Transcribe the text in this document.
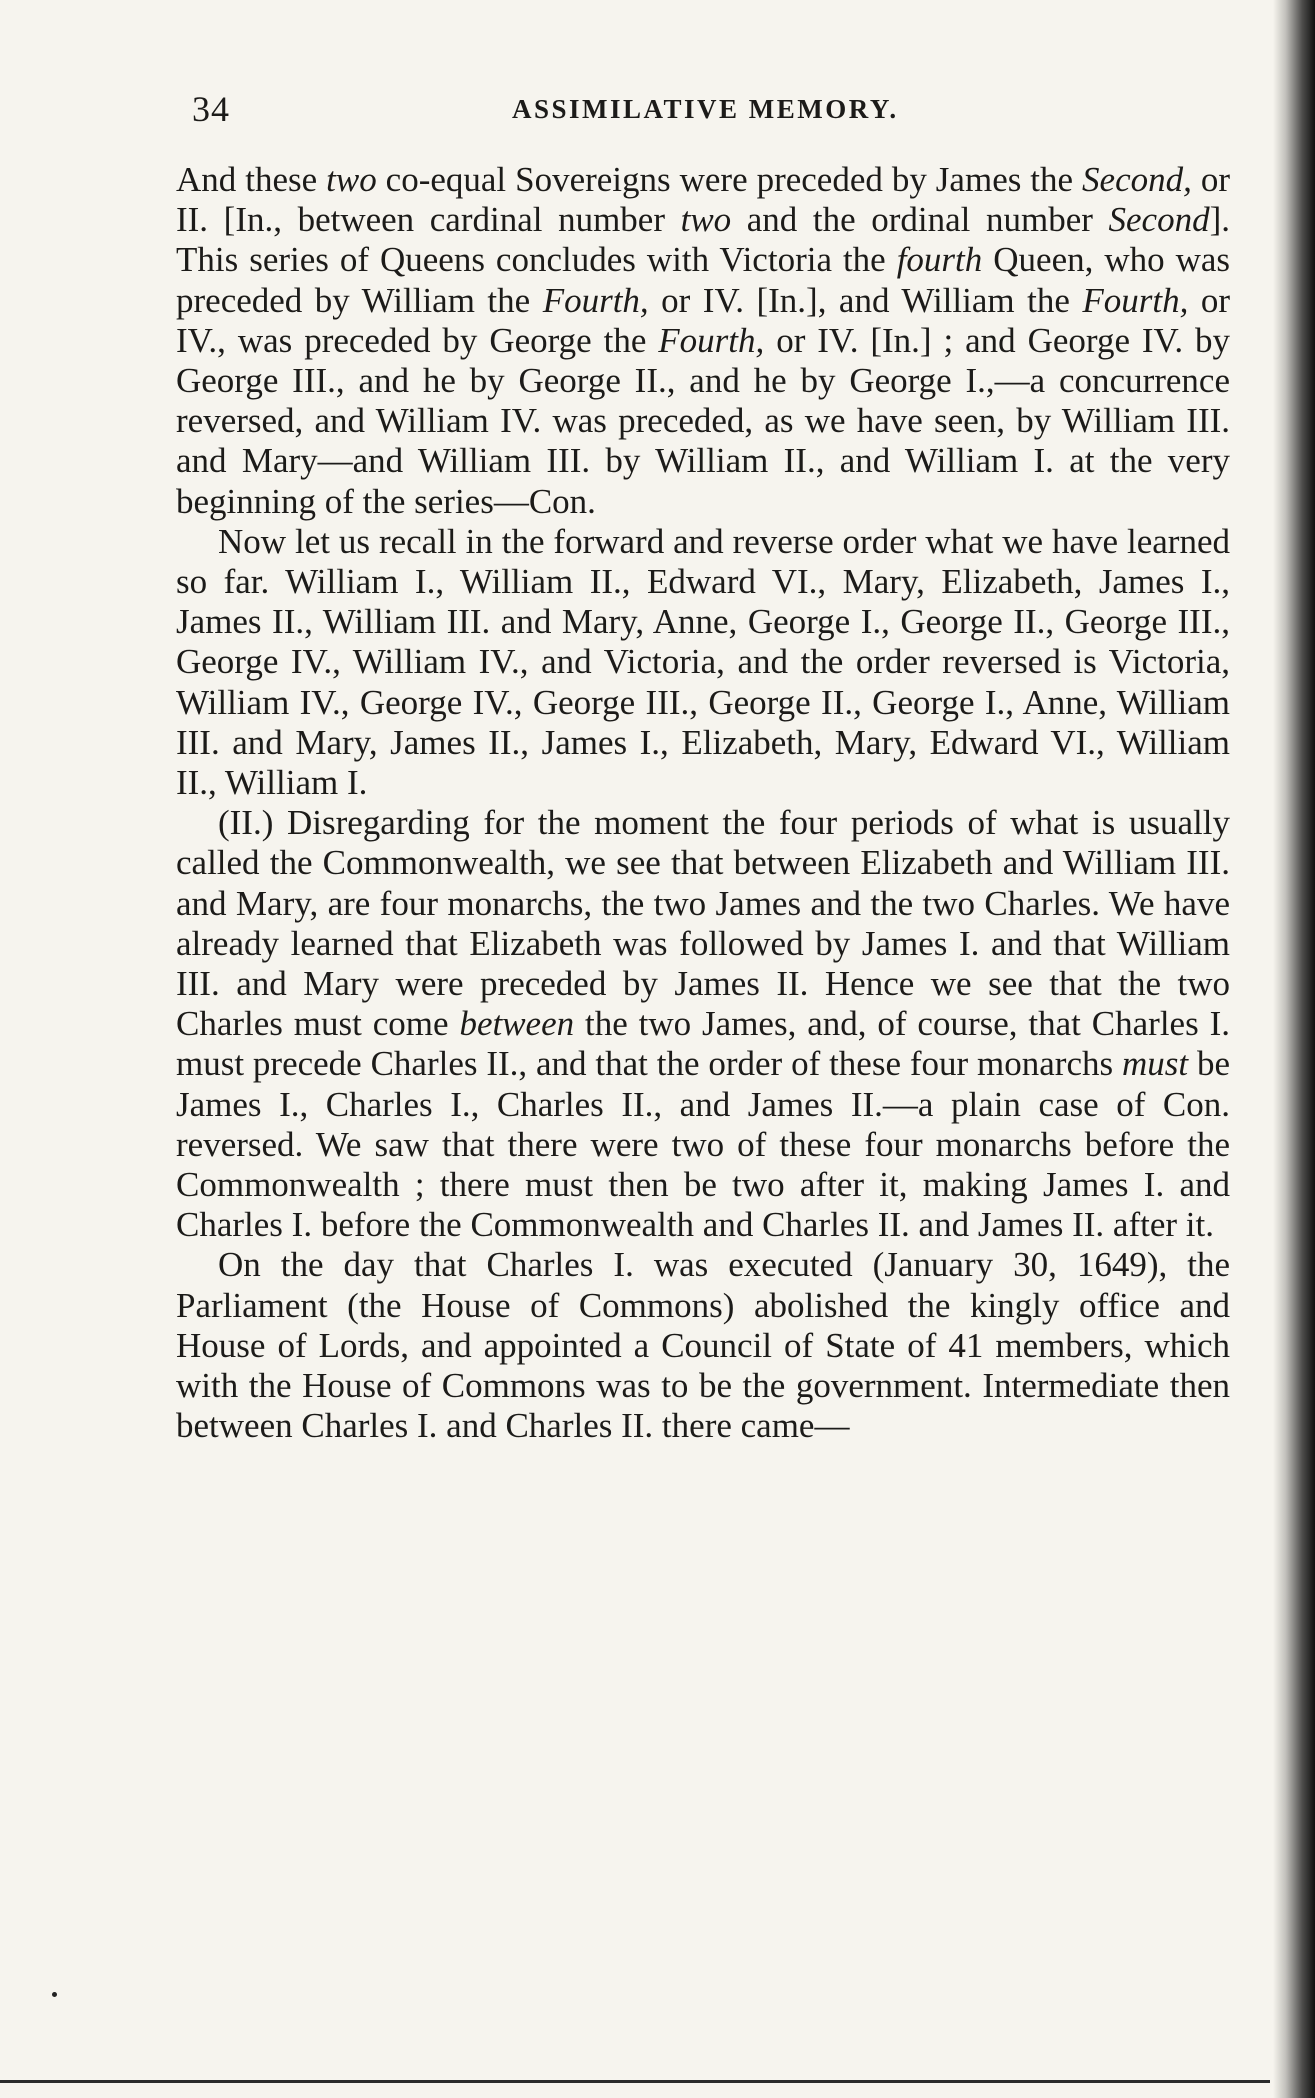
34	ASSIMILATIVE MEMORY.

And these two co-equal Sovereigns were preceded by James the Second, or II. [In., between cardinal number two and the ordinal number Second]. This series of Queens concludes with Victoria the fourth Queen, who was preceded by William the Fourth, or IV. [In.], and William the Fourth, or IV., was preceded by George the Fourth, or IV. [In.] ; and George IV. by George III., and he by George II., and he by George I.,—a concurrence reversed, and William IV. was preceded, as we have seen, by William III. and Mary—and William III. by William II., and William I. at the very beginning of the series—Con.

Now let us recall in the forward and reverse order what we have learned so far. William I., William II., Edward VI., Mary, Elizabeth, James I., James II., William III. and Mary, Anne, George I., George II., George III., George IV., William IV., and Victoria, and the order reversed is Victoria, William IV., George IV., George III., George II., George I., Anne, William III. and Mary, James II., James I., Elizabeth, Mary, Edward VI., William II., William I.

(II.) Disregarding for the moment the four periods of what is usually called the Commonwealth, we see that between Elizabeth and William III. and Mary, are four monarchs, the two James and the two Charles. We have already learned that Elizabeth was followed by James I. and that William III. and Mary were preceded by James II. Hence we see that the two Charles must come between the two James, and, of course, that Charles I. must precede Charles II., and that the order of these four monarchs must be James I., Charles I., Charles II., and James II.—a plain case of Con. reversed. We saw that there were two of these four monarchs before the Commonwealth ; there must then be two after it, making James I. and Charles I. before the Commonwealth and Charles II. and James II. after it.

On the day that Charles I. was executed (January 30, 1649), the Parliament (the House of Commons) abolished the kingly office and House of Lords, and appointed a Council of State of 41 members, which with the House of Commons was to be the government. Intermediate then between Charles I. and Charles II. there came—
